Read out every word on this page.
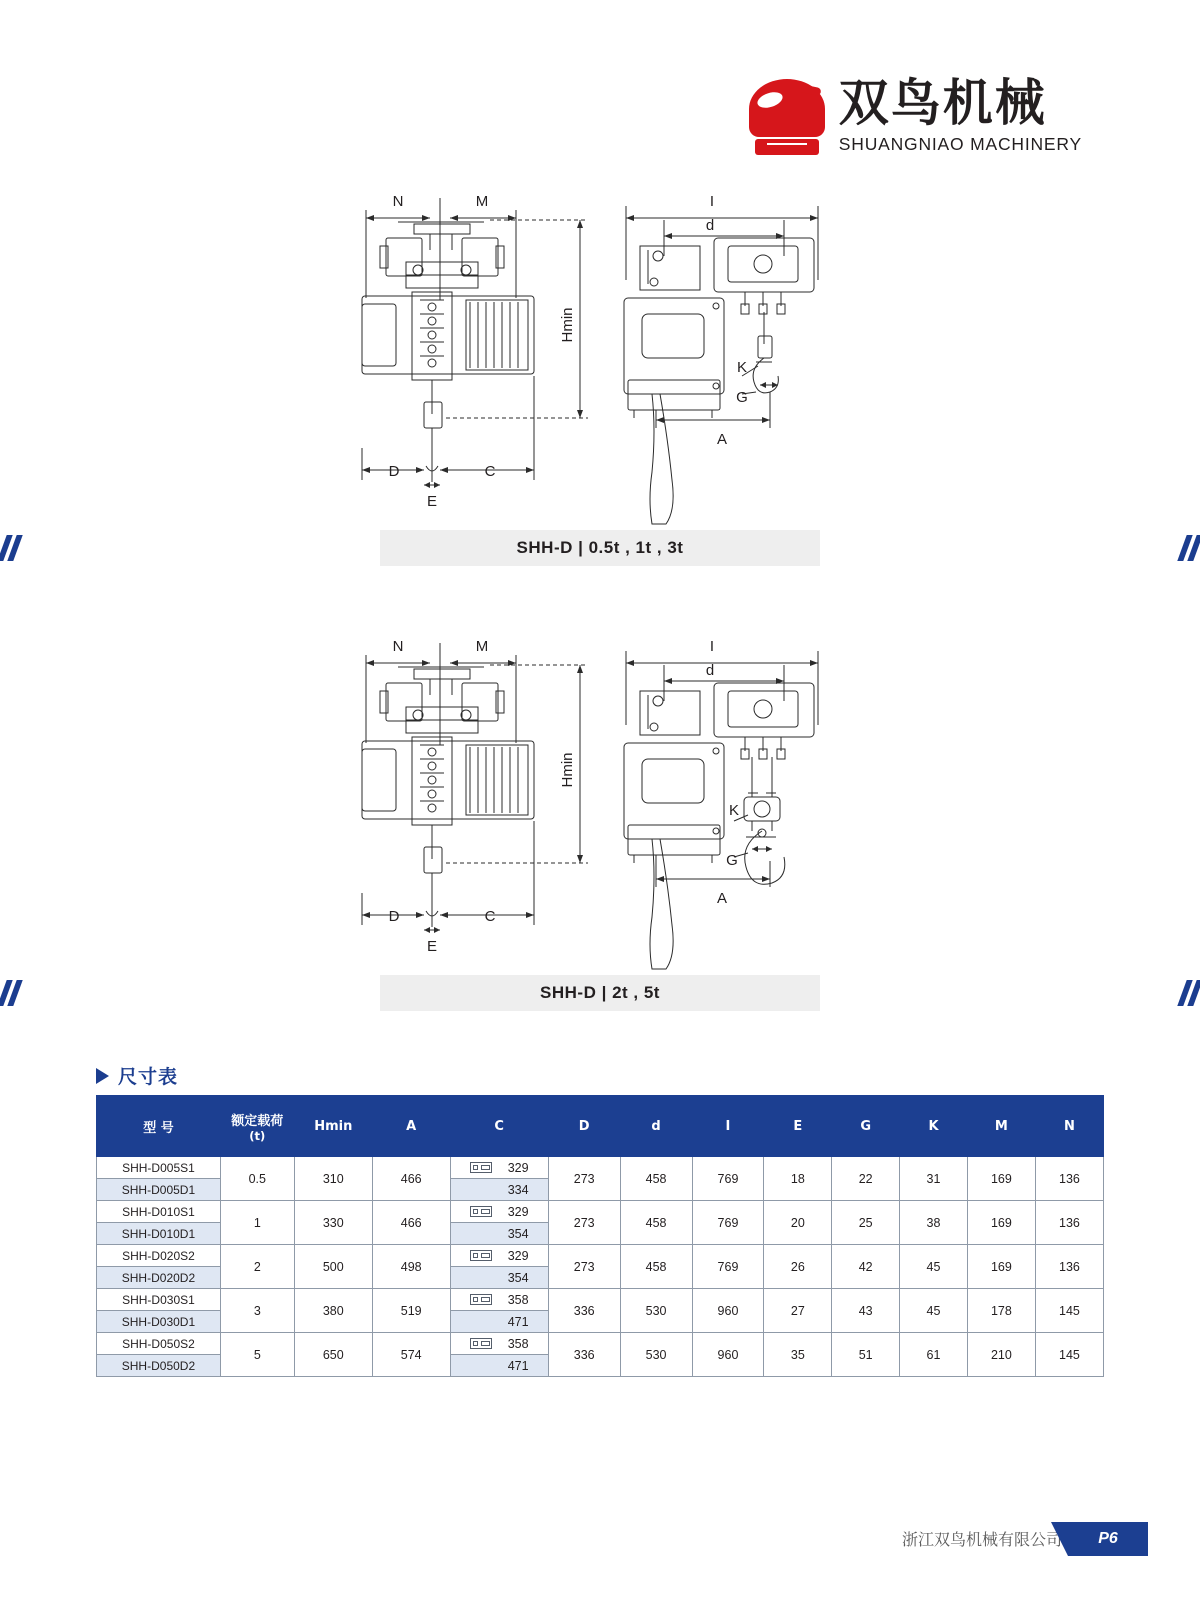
双鸟机械
SHUANGNIAO MACHINERY
N	M
D	C
E
I
d
K
G
A
Hmin
SHH-D | 0.5t , 1t , 3t
N	M
D	C
E
I
d
K
G
A
Hmin
SHH-D | 2t , 5t
尺寸表
型 号	额定载荷
(t)	Hmin	A	C	D	d	I	E	G	K	M	N
SHH-D005S1	0.5	310	466	329	273	458	769	18	22	31	169	136
SHH-D005D1				334								

SHH-D010S1	1	330	466	329	273	458	769	20	25	38	169	136
SHH-D010D1				354								

SHH-D020S2	2	500	498	329	273	458	769	26	42	45	169	136
SHH-D020D2				354								

SHH-D030S1	3	380	519	358	336	530	960	27	43	45	178	145
SHH-D030D1				471								

SHH-D050S2	5	650	574	358	336	530	960	35	51	61	210	145
SHH-D050D2				471								
浙江双鸟机械有限公司	P6
